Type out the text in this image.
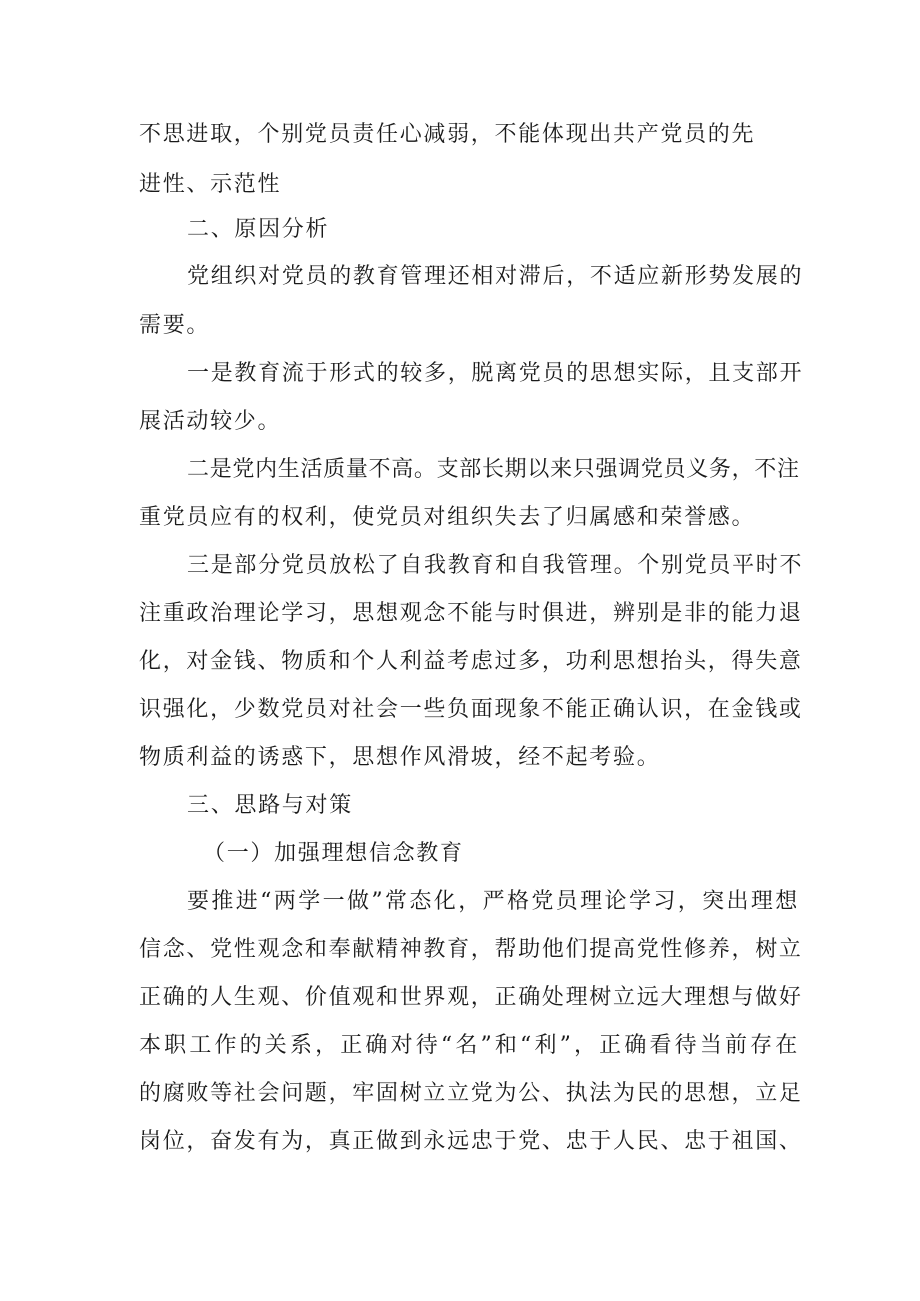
不思进取，个别党员责任心减弱，不能体现出共产党员的先
进性、示范性
二、原因分析
党组织对党员的教育管理还相对滞后，不适应新形势发展的
需要。
一是教育流于形式的较多，脱离党员的思想实际，且支部开
展活动较少。
二是党内生活质量不高。支部长期以来只强调党员义务，不注
重党员应有的权利，使党员对组织失去了归属感和荣誉感。
三是部分党员放松了自我教育和自我管理。个别党员平时不
注重政治理论学习，思想观念不能与时俱进，辨别是非的能力退
化，对金钱、物质和个人利益考虑过多，功利思想抬头，得失意
识强化，少数党员对社会一些负面现象不能正确认识，在金钱或
物质利益的诱惑下，思想作风滑坡，经不起考验。
三、思路与对策
（一）加强理想信念教育
要推进“两学一做”常态化，严格党员理论学习，突出理想
信念、党性观念和奉献精神教育，帮助他们提高党性修养，树立
正确的人生观、价值观和世界观，正确处理树立远大理想与做好
本职工作的关系，正确对待“名”和“利”，正确看待当前存在
的腐败等社会问题，牢固树立立党为公、执法为民的思想，立足
岗位，奋发有为，真正做到永远忠于党、忠于人民、忠于祖国、
